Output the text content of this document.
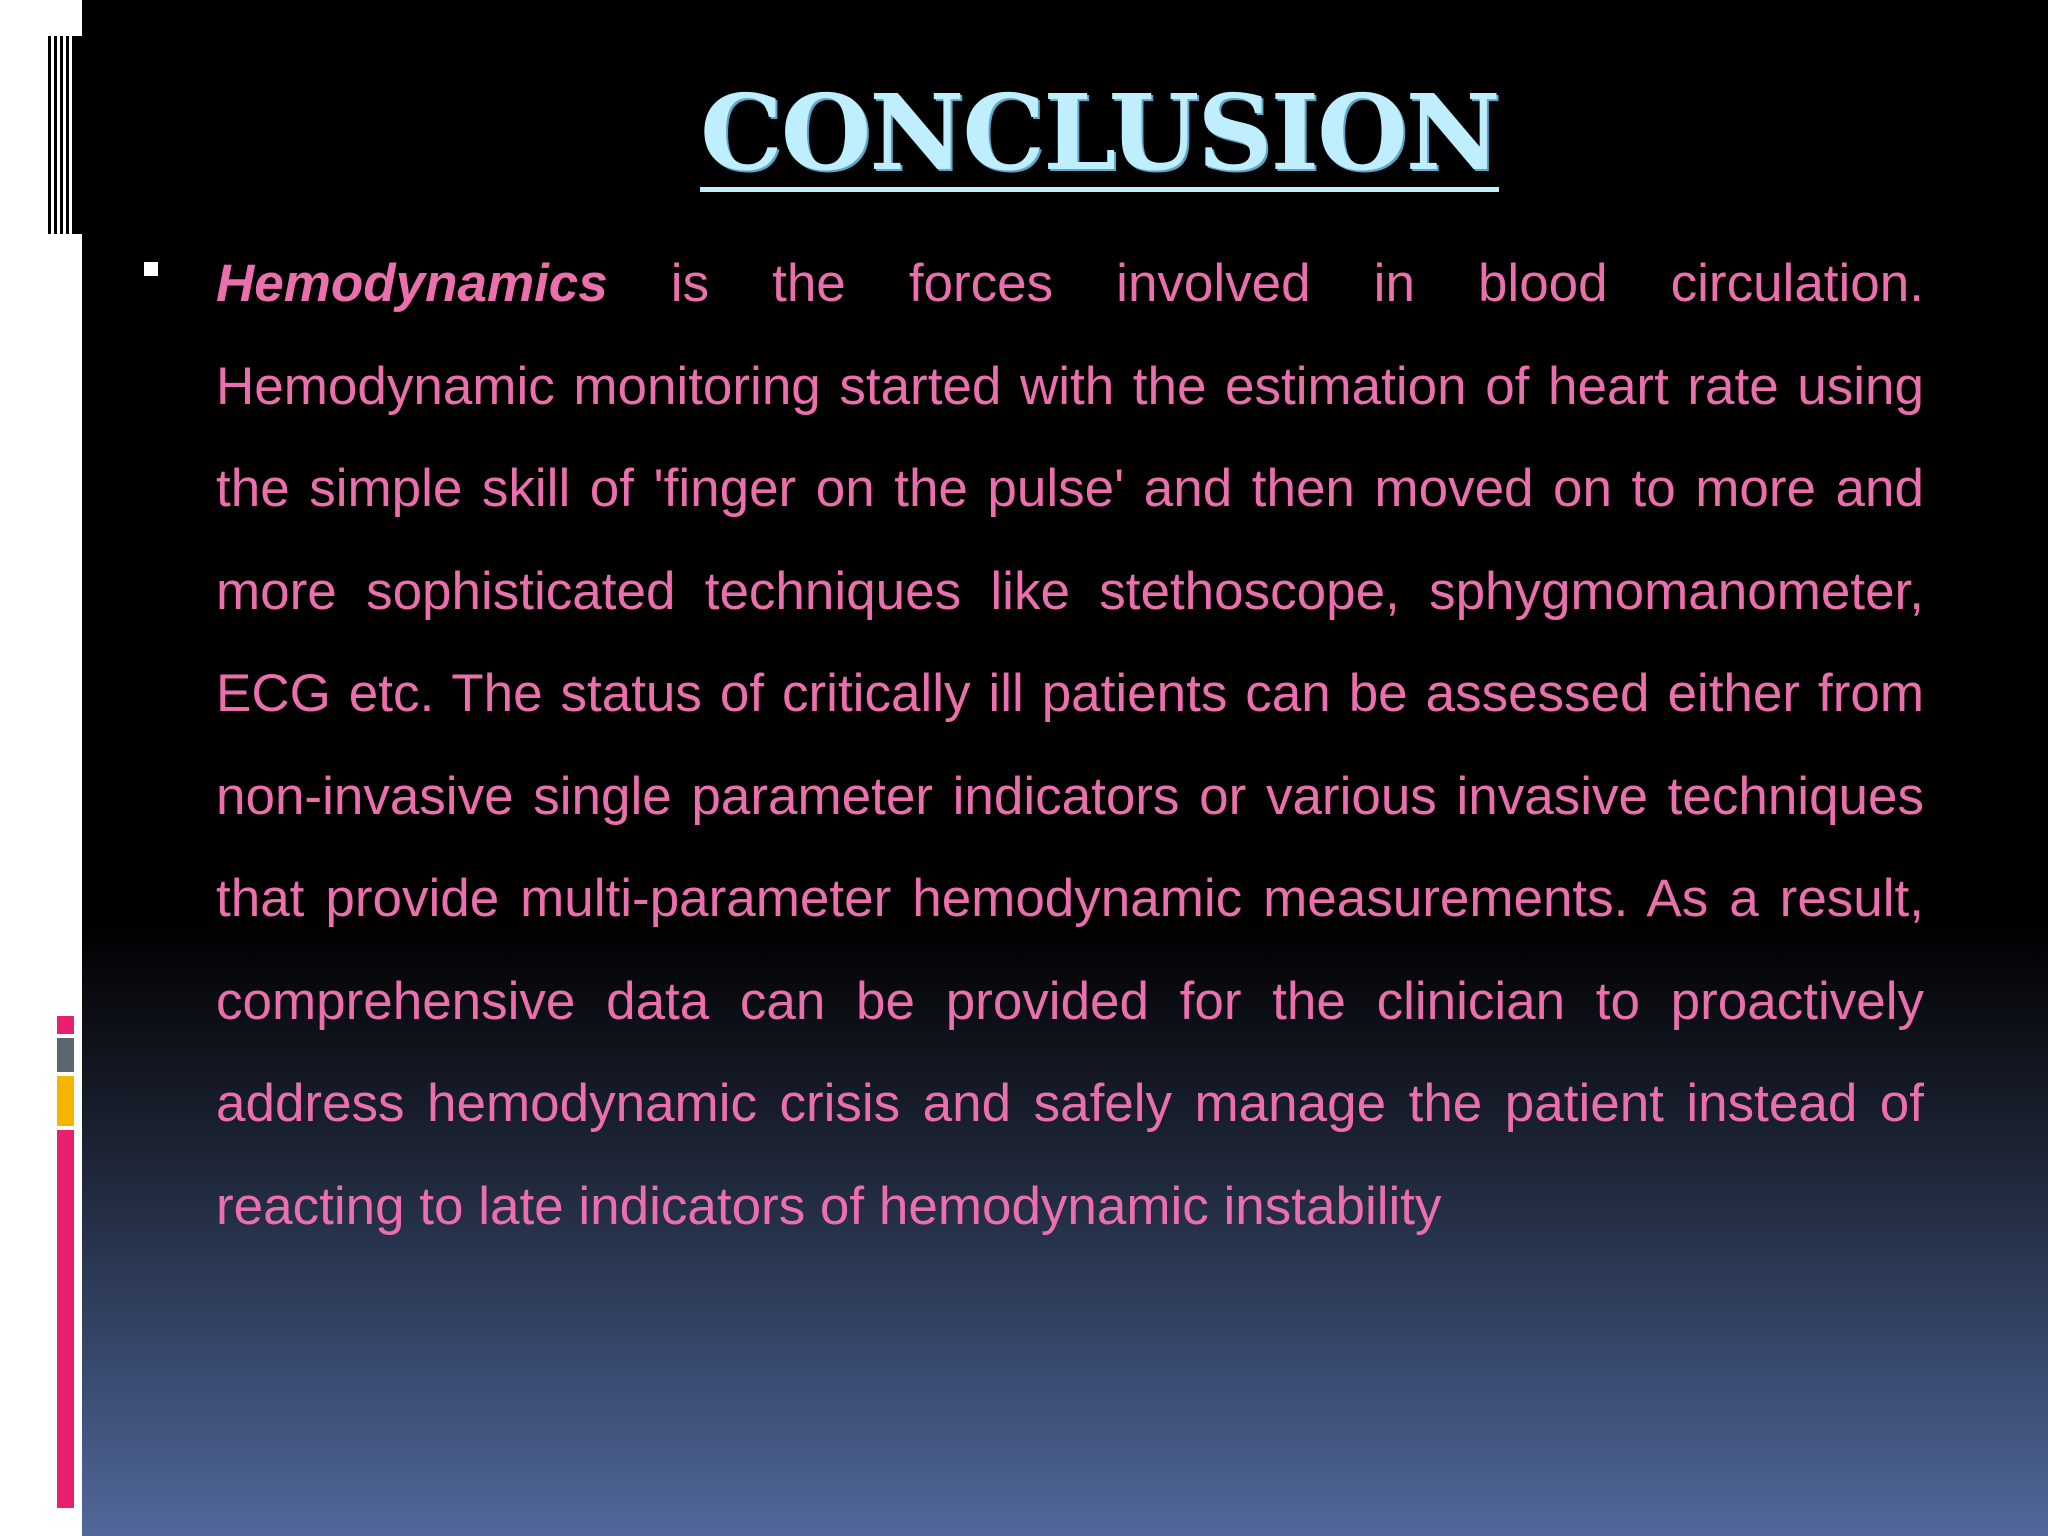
CONCLUSION

Hemodynamics is the forces involved in blood circulation. Hemodynamic monitoring started with the estimation of heart rate using the simple skill of 'finger on the pulse' and then moved on to more and more sophisticated techniques like stethoscope, sphygmomanometer, ECG etc. The status of critically ill patients can be assessed either from non-invasive single parameter indicators or various invasive techniques that provide multi-parameter hemodynamic measurements. As a result, comprehensive data can be provided for the clinician to proactively address hemodynamic crisis and safely manage the patient instead of reacting to late indicators of hemodynamic instability
